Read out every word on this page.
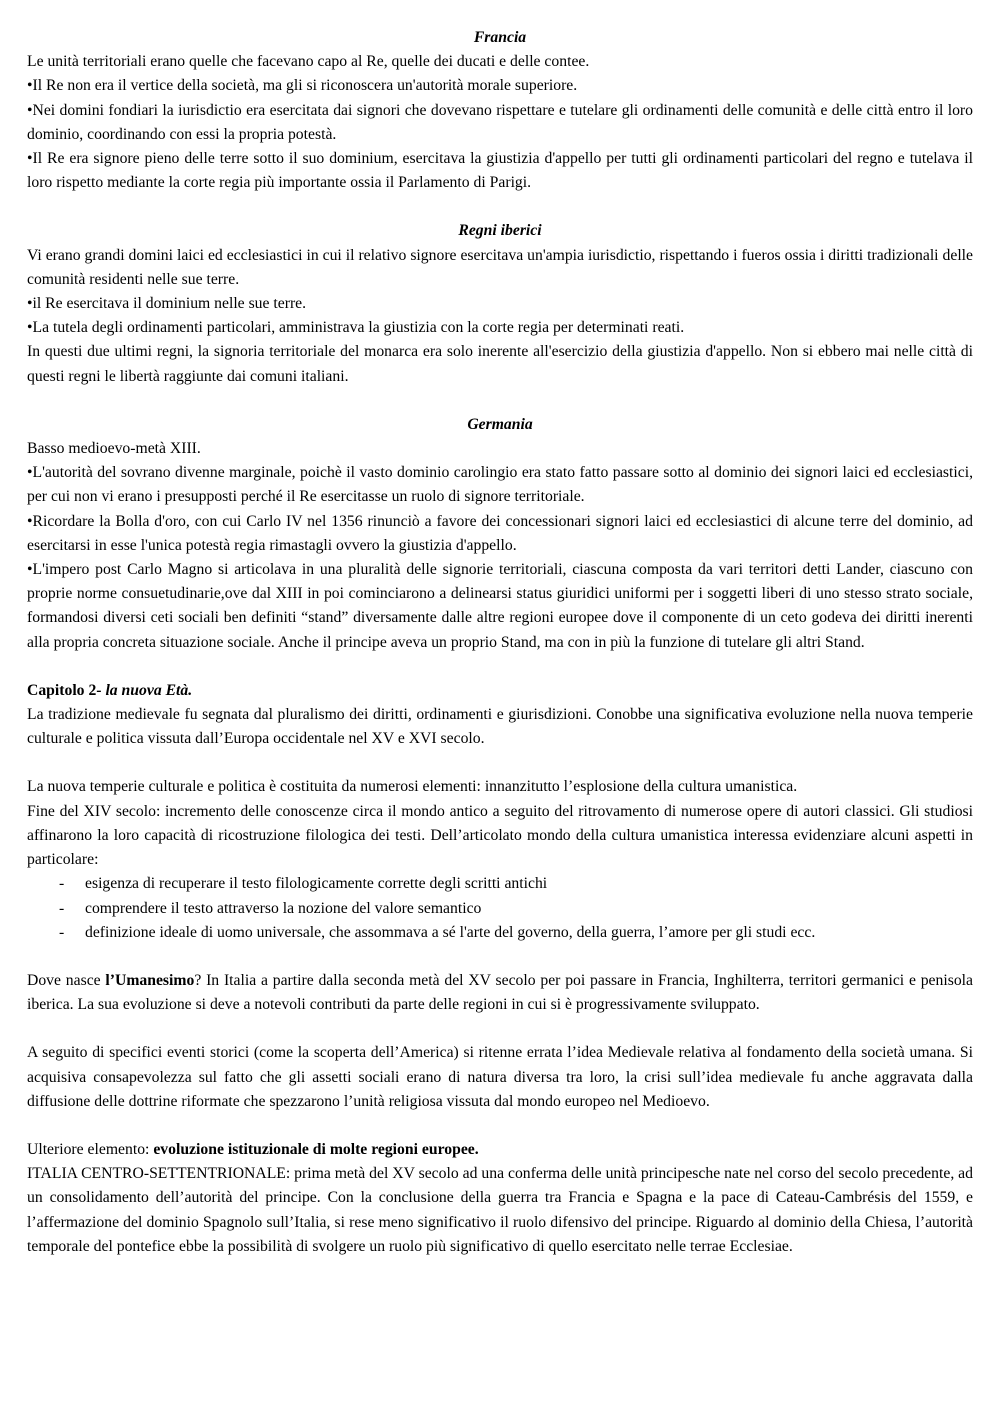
Francia

Le unità territoriali erano quelle che facevano capo al Re, quelle dei ducati e delle contee.

•Il Re non era il vertice della società, ma gli si riconoscera un'autorità morale superiore.

•Nei domini fondiari la iurisdictio era esercitata dai signori che dovevano rispettare e tutelare gli ordinamenti delle comunità e delle città entro il loro dominio, coordinando con essi la propria potestà.

•Il Re era signore pieno delle terre sotto il suo dominium, esercitava la giustizia d'appello per tutti gli ordinamenti particolari del regno e tutelava il loro rispetto mediante la corte regia più importante ossia il Parlamento di Parigi.

Regni iberici

Vi erano grandi domini laici ed ecclesiastici in cui il relativo signore esercitava un'ampia iurisdictio, rispettando i fueros ossia i diritti tradizionali delle comunità residenti nelle sue terre.

•il Re esercitava il dominium nelle sue terre.

•La tutela degli ordinamenti particolari, amministrava la giustizia con la corte regia per determinati reati.

In questi due ultimi regni, la signoria territoriale del monarca era solo inerente all'esercizio della giustizia d'appello. Non si ebbero mai nelle città di questi regni le libertà raggiunte dai comuni italiani.

Germania

Basso medioevo-metà XIII.

•L'autorità del sovrano divenne marginale, poichè il vasto dominio carolingio era stato fatto passare sotto al dominio dei signori laici ed ecclesiastici, per cui non vi erano i presupposti perché il Re esercitasse un ruolo di signore territoriale.

•Ricordare la Bolla d'oro, con cui Carlo IV nel 1356 rinunciò a favore dei concessionari signori laici ed ecclesiastici di alcune terre del dominio, ad esercitarsi in esse l'unica potestà regia rimastagli ovvero la giustizia d'appello.

•L'impero post Carlo Magno si articolava in una pluralità delle signorie territoriali, ciascuna composta da vari territori detti Lander, ciascuno con proprie norme consuetudinarie,ove dal XIII in poi cominciarono a delinearsi status giuridici uniformi per i soggetti liberi di uno stesso strato sociale, formandosi diversi ceti sociali ben definiti “stand” diversamente dalle altre regioni europee dove il componente di un ceto godeva dei diritti inerenti alla propria concreta situazione sociale. Anche il principe aveva un proprio Stand, ma con in più la funzione di tutelare gli altri Stand.

Capitolo 2- la nuova Età.

La tradizione medievale fu segnata dal pluralismo dei diritti, ordinamenti e giurisdizioni. Conobbe una significativa evoluzione nella nuova temperie culturale e politica vissuta dall’Europa occidentale nel XV e XVI secolo.

La nuova temperie culturale e politica è costituita da numerosi elementi: innanzitutto l’esplosione della cultura umanistica.

Fine del XIV secolo: incremento delle conoscenze circa il mondo antico a seguito del ritrovamento di numerose opere di autori classici. Gli studiosi affinarono la loro capacità di ricostruzione filologica dei testi. Dell’articolato mondo della cultura umanistica interessa evidenziare alcuni aspetti in particolare:

- esigenza di recuperare il testo filologicamente corrette degli scritti antichi
- comprendere il testo attraverso la nozione del valore semantico
- definizione ideale di uomo universale, che assommava a sé l'arte del governo, della guerra, l’amore per gli studi ecc.

Dove nasce l’Umanesimo? In Italia a partire dalla seconda metà del XV secolo per poi passare in Francia, Inghilterra, territori germanici e penisola iberica. La sua evoluzione si deve a notevoli contributi da parte delle regioni in cui si è progressivamente sviluppato.

A seguito di specifici eventi storici (come la scoperta dell’America) si ritenne errata l’idea Medievale relativa al fondamento della società umana. Si acquisiva consapevolezza sul fatto che gli assetti sociali erano di natura diversa tra loro, la crisi sull’idea medievale fu anche aggravata dalla diffusione delle dottrine riformate che spezzarono l’unità religiosa vissuta dal mondo europeo nel Medioevo.

Ulteriore elemento: evoluzione istituzionale di molte regioni europee.

ITALIA CENTRO-SETTENTRIONALE: prima metà del XV secolo ad una conferma delle unità principesche nate nel corso del secolo precedente, ad un consolidamento dell’autorità del principe. Con la conclusione della guerra tra Francia e Spagna e la pace di Cateau-Cambrésis del 1559, e l’affermazione del dominio Spagnolo sull’Italia, si rese meno significativo il ruolo difensivo del principe. Riguardo al dominio della Chiesa, l’autorità temporale del pontefice ebbe la possibilità di svolgere un ruolo più significativo di quello esercitato nelle terrae Ecclesiae.
